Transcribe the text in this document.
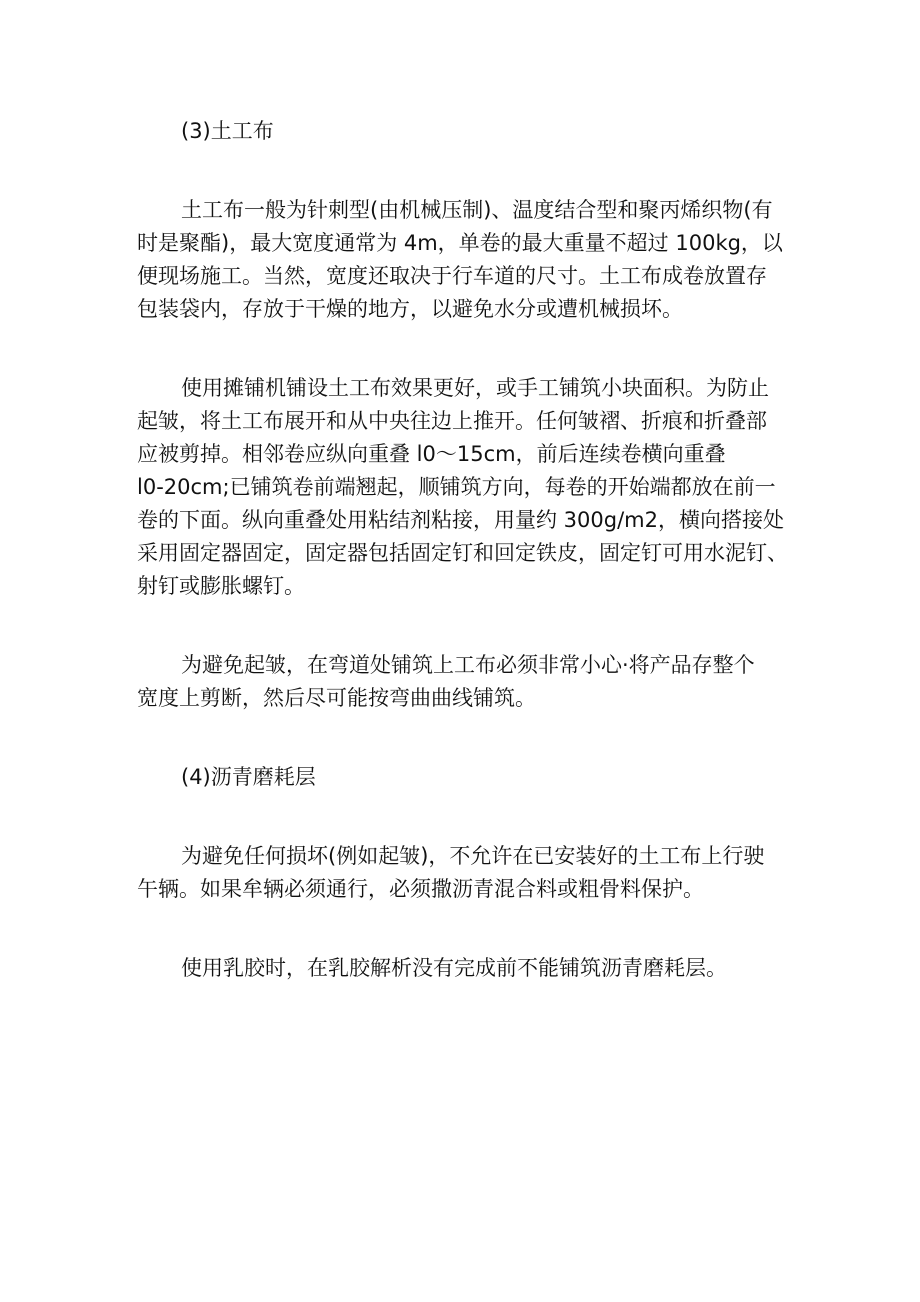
(3)土工布
土工布一般为针刺型(由机械压制)、温度结合型和聚丙烯织物(有
时是聚酯)，最大宽度通常为 4m，单卷的最大重量不超过 100kg，以
便现场施工。当然，宽度还取决于行车道的尺寸。土工布成卷放置存
包装袋内，存放于干燥的地方，以避免水分或遭机械损坏。
使用摊铺机铺设土工布效果更好，或手工铺筑小块面积。为防止
起皱，将土工布展开和从中央往边上推开。任何皱褶、折痕和折叠部
应被剪掉。相邻卷应纵向重叠 l0～15cm，前后连续卷横向重叠
l0-20cm;已铺筑卷前端翘起，顺铺筑方向，每卷的开始端都放在前一
卷的下面。纵向重叠处用粘结剂粘接，用量约 300g/m2，横向搭接处
采用固定器固定，固定器包括固定钉和回定铁皮，固定钉可用水泥钉、
射钉或膨胀螺钉。
为避免起皱，在弯道处铺筑上工布必须非常小心·将产品存整个
宽度上剪断，然后尽可能按弯曲曲线铺筑。
(4)沥青磨耗层
为避免任何损坏(例如起皱)，不允许在已安装好的土工布上行驶
午辆。如果牟辆必须通行，必须撒沥青混合料或粗骨料保护。
使用乳胶时，在乳胶解析没有完成前不能铺筑沥青磨耗层。
